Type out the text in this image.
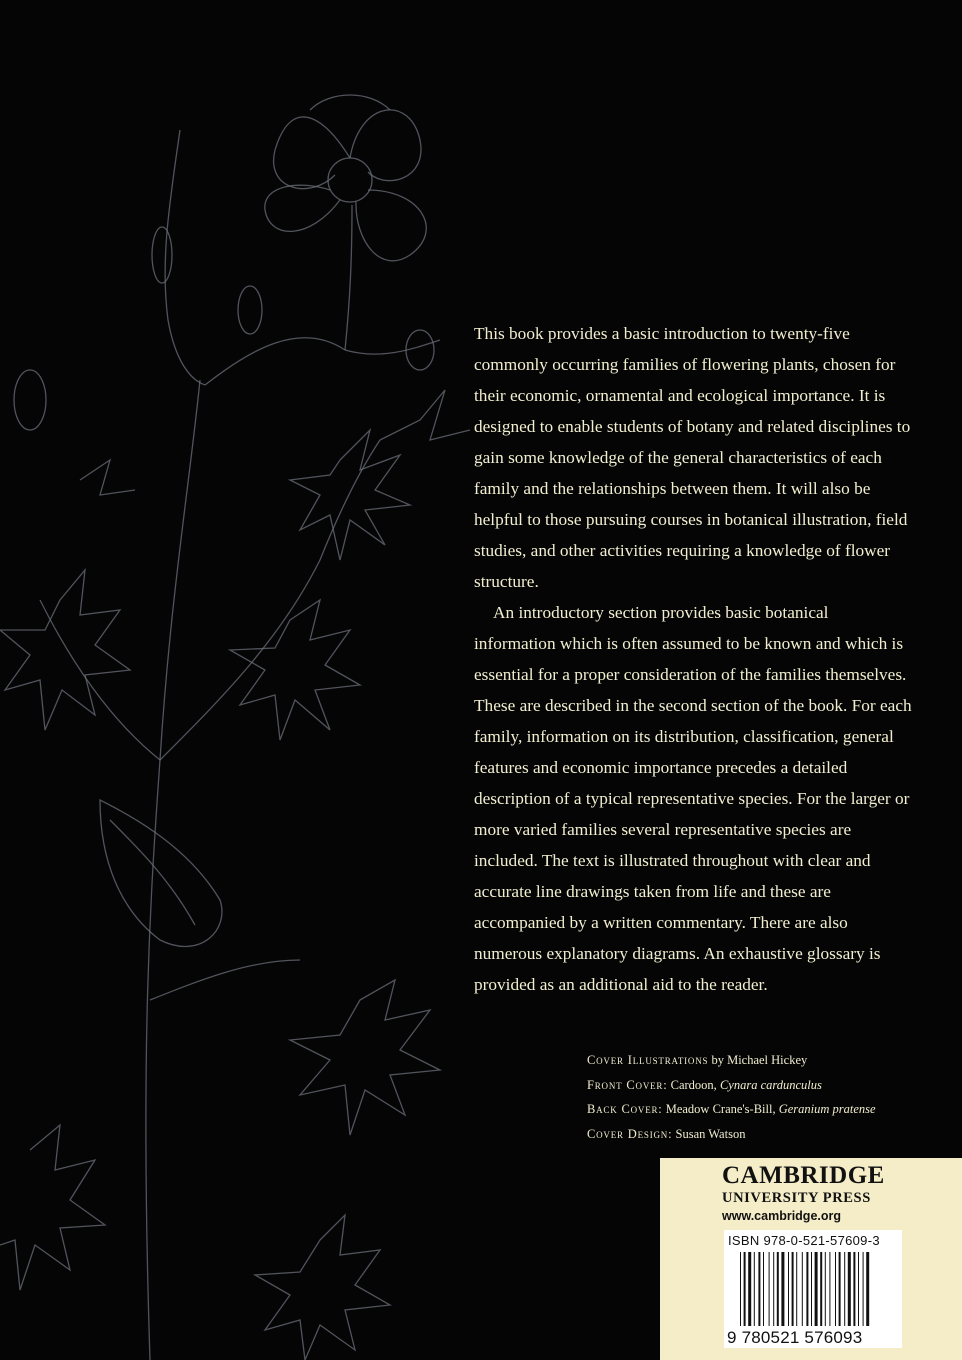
This book provides a basic introduction to twenty-five commonly occurring families of flowering plants, chosen for their economic, ornamental and ecological importance. It is designed to enable students of botany and related disciplines to gain some knowledge of the general characteristics of each family and the relationships between them. It will also be helpful to those pursuing courses in botanical illustration, field studies, and other activities requiring a knowledge of flower structure.

An introductory section provides basic botanical information which is often assumed to be known and which is essential for a proper consideration of the families themselves. These are described in the second section of the book. For each family, information on its distribution, classification, general features and economic importance precedes a detailed description of a typical representative species. For the larger or more varied families several representative species are included. The text is illustrated throughout with clear and accurate line drawings taken from life and these are accompanied by a written commentary. There are also numerous explanatory diagrams. An exhaustive glossary is provided as an additional aid to the reader.

Cover Illustrations by Michael Hickey
Front Cover: Cardoon, Cynara cardunculus
Back Cover: Meadow Crane's-Bill, Geranium pratense
Cover Design: Susan Watson
CAMBRIDGE
UNIVERSITY PRESS
www.cambridge.org
ISBN 978-0-521-57609-3
9 780521 576093
